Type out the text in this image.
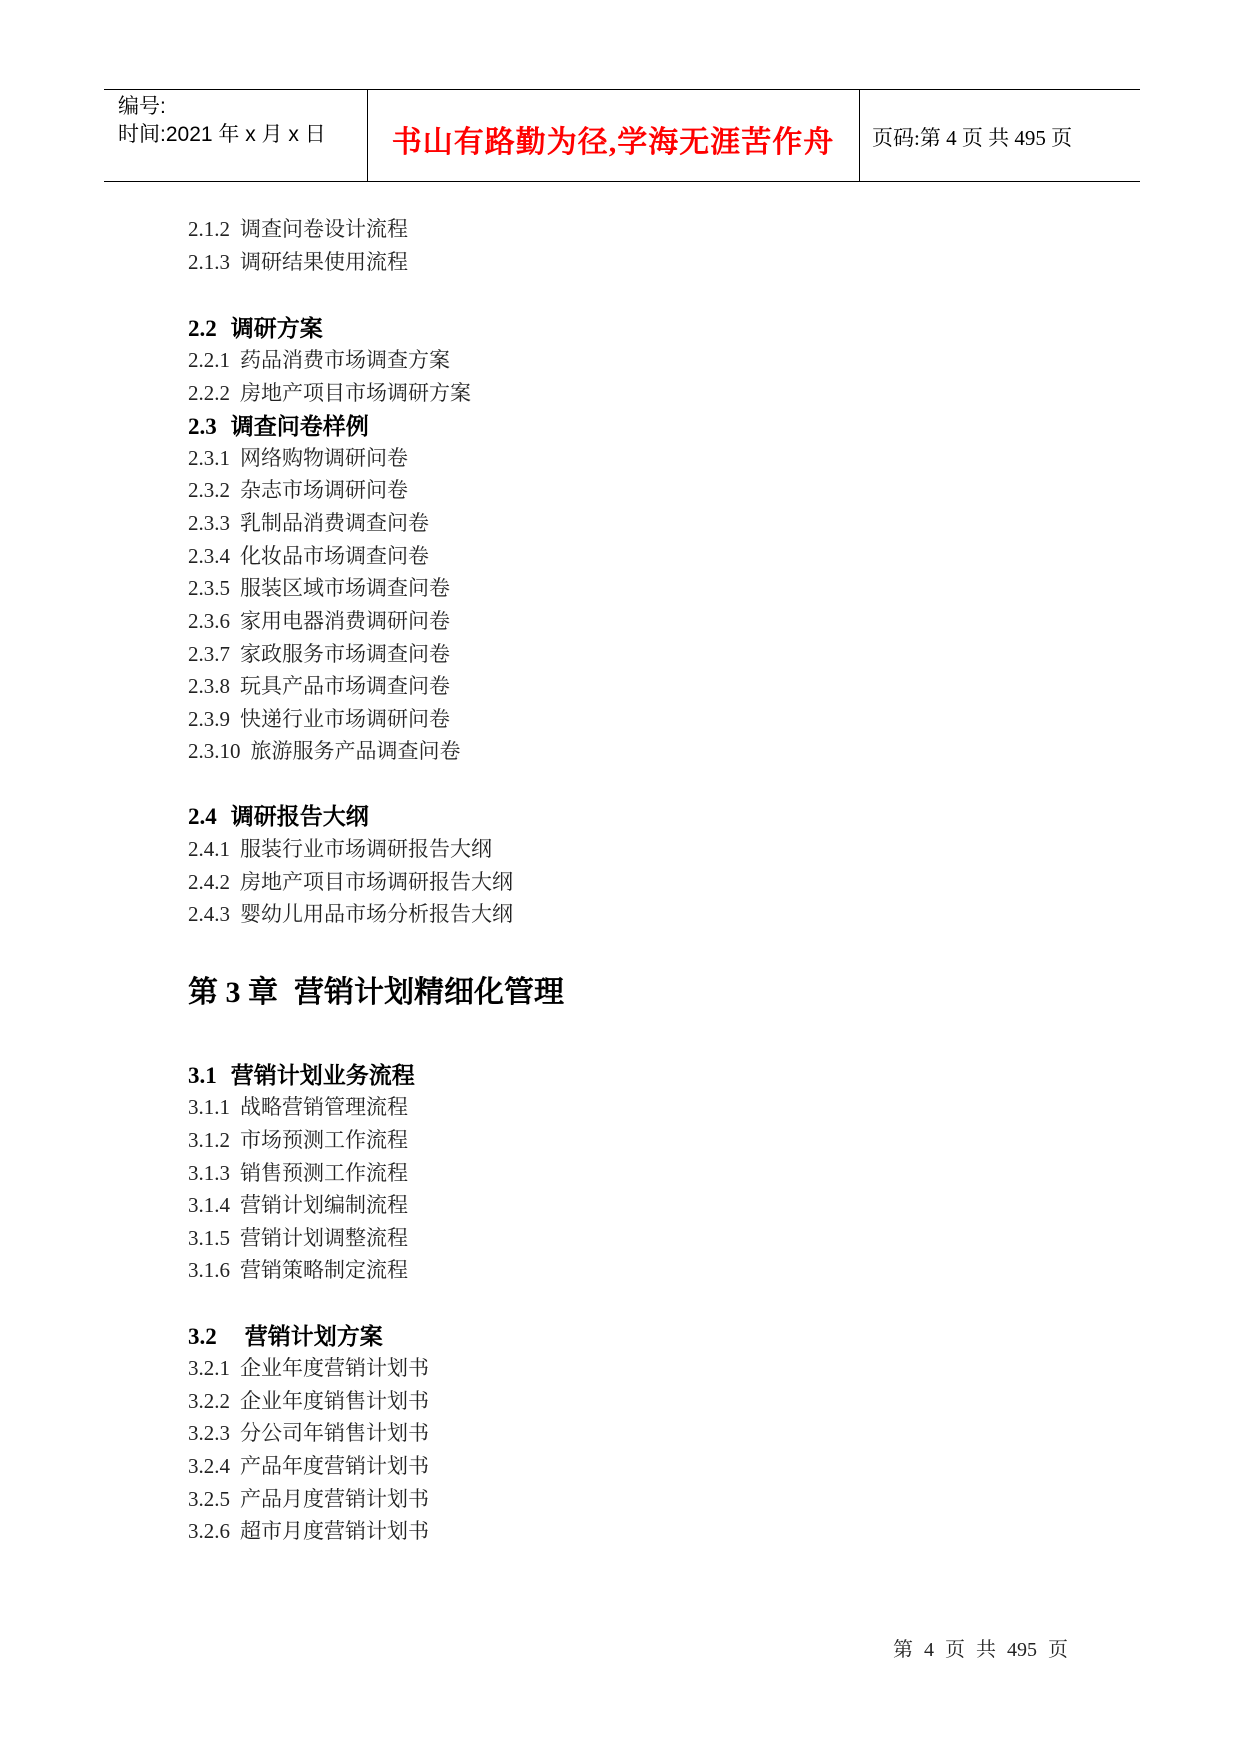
编号:
时间:2021 年 x 月 x 日	书山有路勤为径,学海无涯苦作舟	页码:第 4 页 共 495 页
2.1.2 调查问卷设计流程
2.1.3 调研结果使用流程
2.2 调研方案
2.2.1 药品消费市场调查方案
2.2.2 房地产项目市场调研方案
2.3 调查问卷样例
2.3.1 网络购物调研问卷
2.3.2 杂志市场调研问卷
2.3.3 乳制品消费调查问卷
2.3.4 化妆品市场调查问卷
2.3.5 服装区域市场调查问卷
2.3.6 家用电器消费调研问卷
2.3.7 家政服务市场调查问卷
2.3.8 玩具产品市场调查问卷
2.3.9 快递行业市场调研问卷
2.3.10 旅游服务产品调查问卷
2.4 调研报告大纲
2.4.1 服装行业市场调研报告大纲
2.4.2 房地产项目市场调研报告大纲
2.4.3 婴幼儿用品市场分析报告大纲
第 3 章 营销计划精细化管理
3.1 营销计划业务流程
3.1.1 战略营销管理流程
3.1.2 市场预测工作流程
3.1.3 销售预测工作流程
3.1.4 营销计划编制流程
3.1.5 营销计划调整流程
3.1.6 营销策略制定流程
3.2 营销计划方案
3.2.1 企业年度营销计划书
3.2.2 企业年度销售计划书
3.2.3 分公司年销售计划书
3.2.4 产品年度营销计划书
3.2.5 产品月度营销计划书
3.2.6 超市月度营销计划书
第 4 页 共 495 页
